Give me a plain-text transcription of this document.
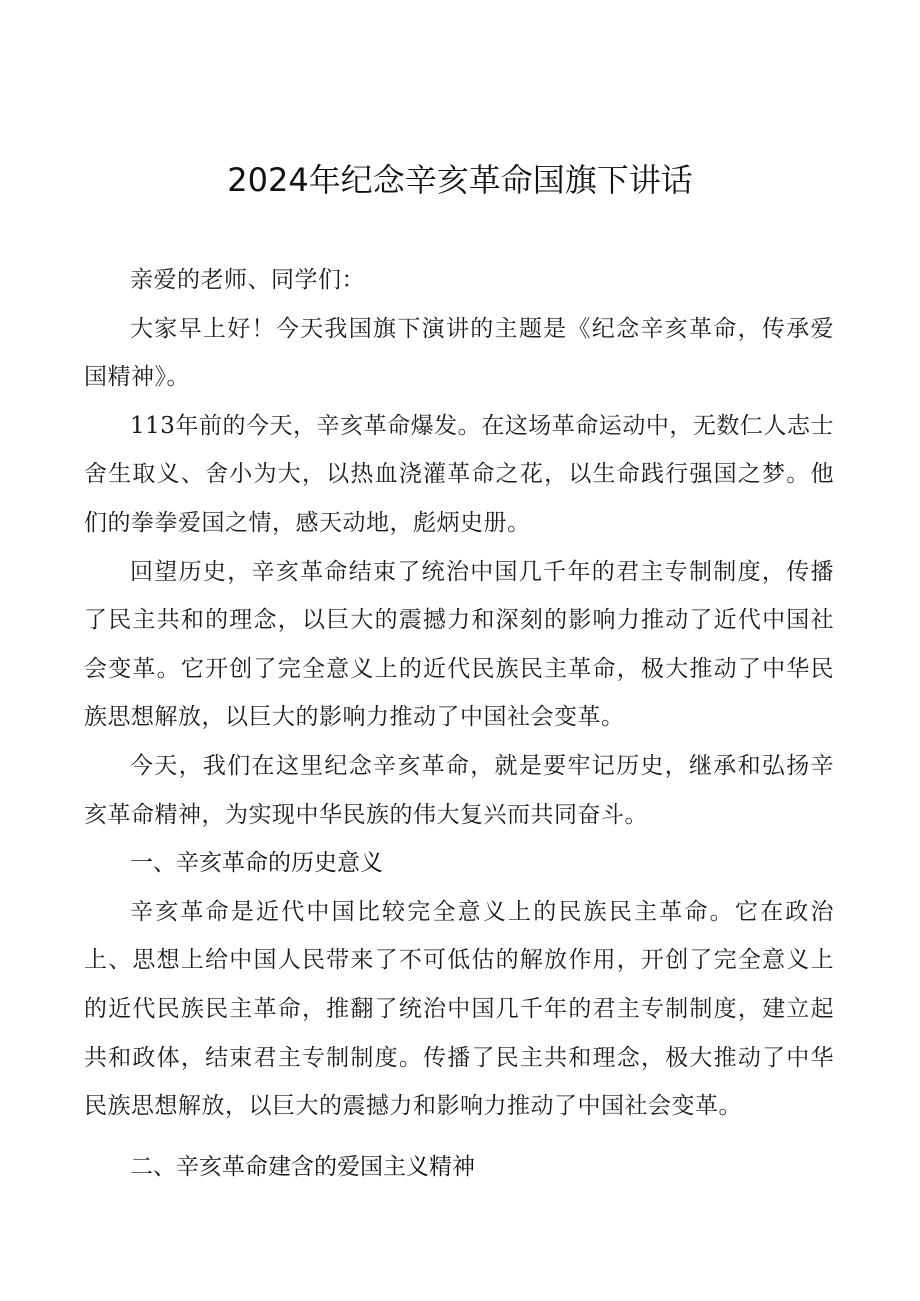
2024年纪念辛亥革命国旗下讲话

亲爱的老师、同学们：

大家早上好！今天我国旗下演讲的主题是《纪念辛亥革命，传承爱国精神》。

113年前的今天，辛亥革命爆发。在这场革命运动中，无数仁人志士舍生取义、舍小为大，以热血浇灌革命之花，以生命践行强国之梦。他们的拳拳爱国之情，感天动地，彪炳史册。

回望历史，辛亥革命结束了统治中国几千年的君主专制制度，传播了民主共和的理念，以巨大的震撼力和深刻的影响力推动了近代中国社会变革。它开创了完全意义上的近代民族民主革命，极大推动了中华民族思想解放，以巨大的影响力推动了中国社会变革。

今天，我们在这里纪念辛亥革命，就是要牢记历史，继承和弘扬辛亥革命精神，为实现中华民族的伟大复兴而共同奋斗。

一、辛亥革命的历史意义

辛亥革命是近代中国比较完全意义上的民族民主革命。它在政治上、思想上给中国人民带来了不可低估的解放作用，开创了完全意义上的近代民族民主革命，推翻了统治中国几千年的君主专制制度，建立起共和政体，结束君主专制制度。传播了民主共和理念，极大推动了中华民族思想解放，以巨大的震撼力和影响力推动了中国社会变革。

二、辛亥革命建含的爱国主义精神
